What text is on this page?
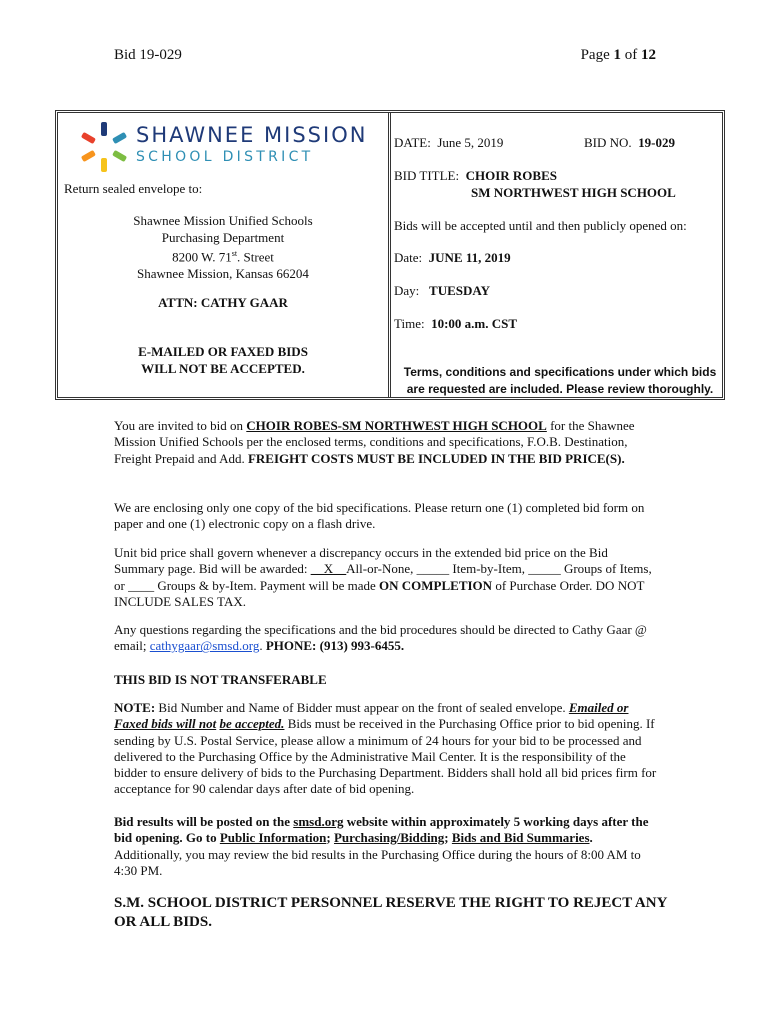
Bid 19-029	Page 1 of 12
SHAWNEE MISSION
SCHOOL DISTRICT
Return sealed envelope to:
Shawnee Mission Unified Schools
Purchasing Department
8200 W. 71st. Street
Shawnee Mission, Kansas 66204
ATTN: CATHY GAAR
E-MAILED OR FAXED BIDS
WILL NOT BE ACCEPTED.
DATE: June 5, 2019	BID NO. 19-029
BID TITLE: CHOIR ROBES
SM NORTHWEST HIGH SCHOOL
Bids will be accepted until and then publicly opened on:
Date: JUNE 11, 2019
Day: TUESDAY
Time: 10:00 a.m. CST
Terms, conditions and specifications under which bids
are requested are included. Please review thoroughly.

You are invited to bid on CHOIR ROBES-SM NORTHWEST HIGH SCHOOL for the Shawnee Mission Unified Schools per the enclosed terms, conditions and specifications, F.O.B. Destination, Freight Prepaid and Add. FREIGHT COSTS MUST BE INCLUDED IN THE BID PRICE(S).

We are enclosing only one copy of the bid specifications. Please return one (1) completed bid form on paper and one (1) electronic copy on a flash drive.

Unit bid price shall govern whenever a discrepancy occurs in the extended bid price on the Bid Summary page. Bid will be awarded: __X__All-or-None, _____ Item-by-Item, _____ Groups of Items, or ____ Groups & by-Item. Payment will be made ON COMPLETION of Purchase Order. DO NOT INCLUDE SALES TAX.

Any questions regarding the specifications and the bid procedures should be directed to Cathy Gaar @ email; cathygaar@smsd.org. PHONE: (913) 993-6455.

THIS BID IS NOT TRANSFERABLE

NOTE: Bid Number and Name of Bidder must appear on the front of sealed envelope. Emailed or Faxed bids will not be accepted. Bids must be received in the Purchasing Office prior to bid opening. If sending by U.S. Postal Service, please allow a minimum of 24 hours for your bid to be processed and delivered to the Purchasing Office by the Administrative Mail Center. It is the responsibility of the bidder to ensure delivery of bids to the Purchasing Department. Bidders shall hold all bid prices firm for acceptance for 90 calendar days after date of bid opening.

Bid results will be posted on the smsd.org website within approximately 5 working days after the bid opening. Go to Public Information; Purchasing/Bidding; Bids and Bid Summaries. Additionally, you may review the bid results in the Purchasing Office during the hours of 8:00 AM to 4:30 PM.

S.M. SCHOOL DISTRICT PERSONNEL RESERVE THE RIGHT TO REJECT ANY OR ALL BIDS.
